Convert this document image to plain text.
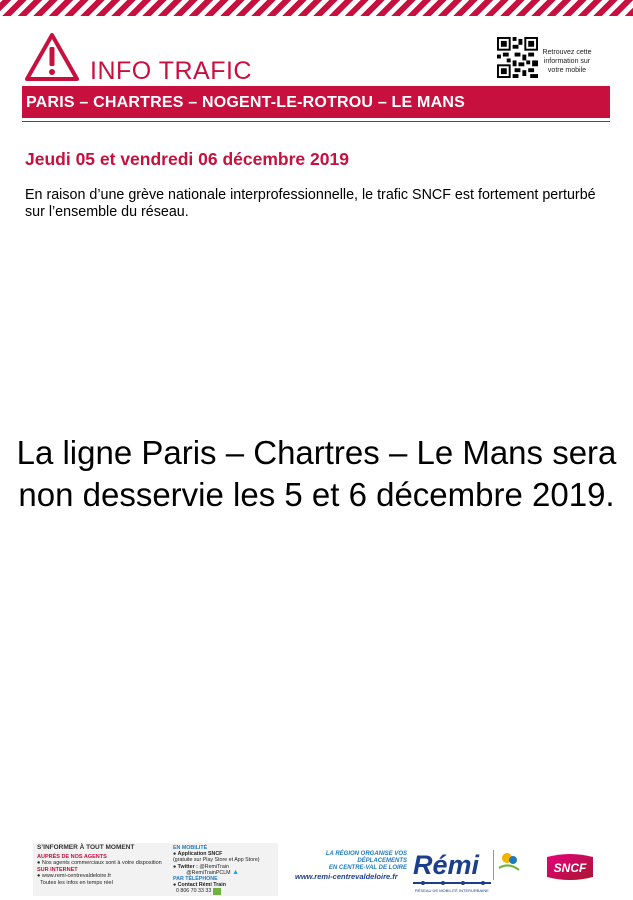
INFO TRAFIC
Retrouvez cette information sur votre mobile
PARIS – CHARTRES – NOGENT-LE-ROTROU – LE MANS
Jeudi 05 et vendredi 06 décembre 2019
En raison d’une grève nationale interprofessionnelle, le trafic SNCF est fortement perturbé sur l’ensemble du réseau.
La ligne Paris – Chartres – Le Mans sera non desservie les 5 et 6 décembre 2019.
S’INFORMER À TOUT MOMENT
AUPRÈS DE NOS AGENTS
● Nos agents commerciaux sont à votre disposition
SUR INTERNET
● www.remi-centrevaldeloire.fr
Toutes les infos en temps réel
EN MOBILITÉ
● Application SNCF
(gratuite sur Play Store et App Store)
● Twitter : @RemiTrain
@RemiTrainPCLM ▲
PAR TÉLÉPHONE
● Contact Rémi Train
0 806 70 33 33
LA RÉGION ORGANISE VOS DÉPLACEMENTS
EN CENTRE-VAL DE LOIRE
www.remi-centrevaldeloire.fr Rémi
RÉSEAU DE MOBILITÉ INTERURBAINE
SNCF
